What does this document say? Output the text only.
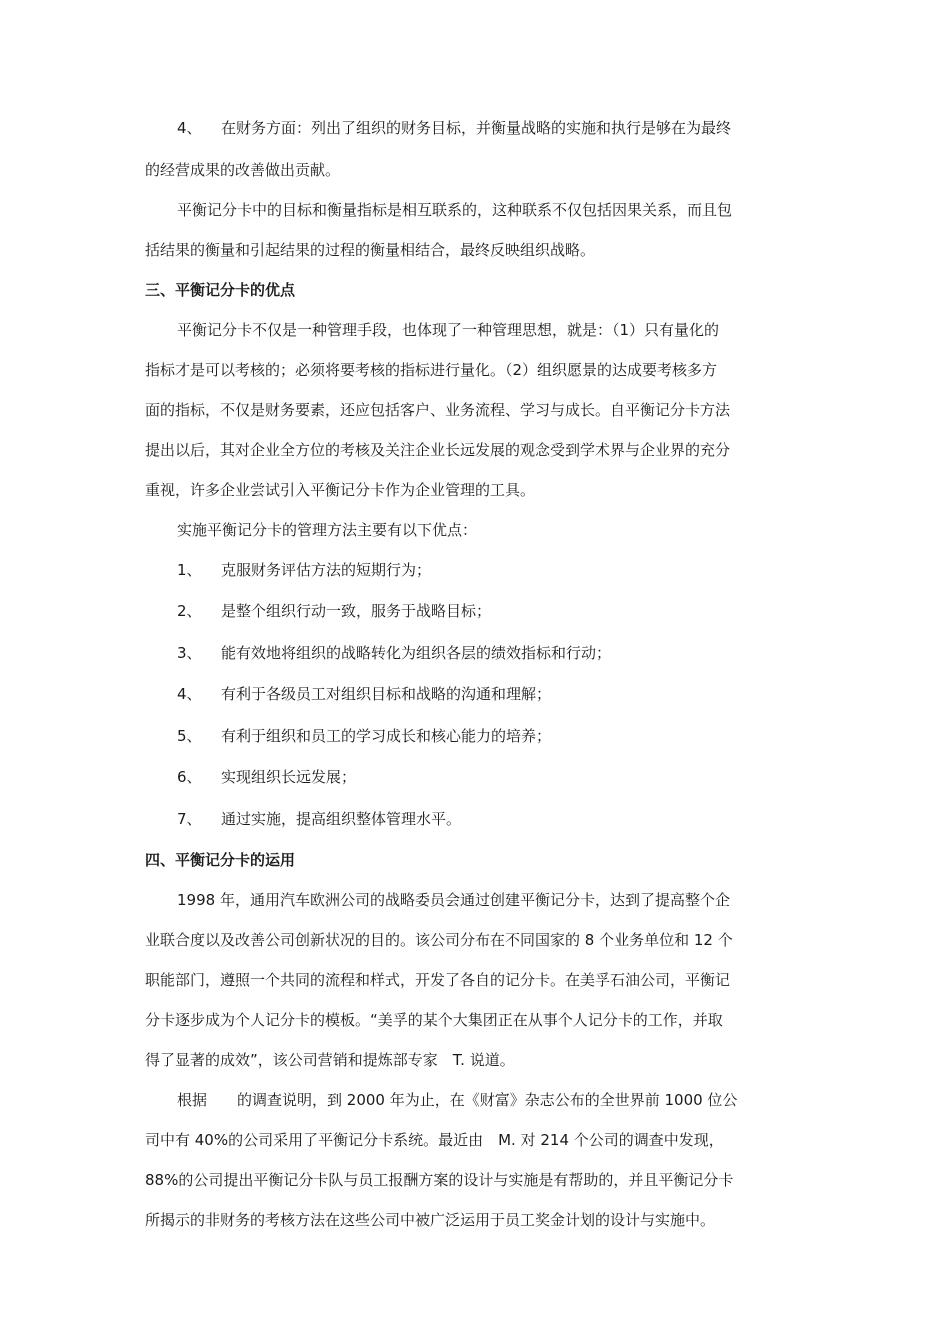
4、	在财务方面：列出了组织的财务目标，并衡量战略的实施和执行是够在为最终

的经营成果的改善做出贡献。

平衡记分卡中的目标和衡量指标是相互联系的，这种联系不仅包括因果关系，而且包

括结果的衡量和引起结果的过程的衡量相结合，最终反映组织战略。

三、平衡记分卡的优点

平衡记分卡不仅是一种管理手段，也体现了一种管理思想，就是：（1）只有量化的

指标才是可以考核的；必须将要考核的指标进行量化。（2）组织愿景的达成要考核多方

面的指标，不仅是财务要素，还应包括客户、业务流程、学习与成长。自平衡记分卡方法

提出以后，其对企业全方位的考核及关注企业长远发展的观念受到学术界与企业界的充分

重视，许多企业尝试引入平衡记分卡作为企业管理的工具。

实施平衡记分卡的管理方法主要有以下优点：

1、	克服财务评估方法的短期行为；
2、	是整个组织行动一致，服务于战略目标；
3、	能有效地将组织的战略转化为组织各层的绩效指标和行动；
4、	有利于各级员工对组织目标和战略的沟通和理解；
5、	有利于组织和员工的学习成长和核心能力的培养；
6、	实现组织长远发展；
7、	通过实施，提高组织整体管理水平。

四、平衡记分卡的运用

1998 年，通用汽车欧洲公司的战略委员会通过创建平衡记分卡，达到了提高整个企

业联合度以及改善公司创新状况的目的。该公司分布在不同国家的 8 个业务单位和 12 个

职能部门，遵照一个共同的流程和样式，开发了各自的记分卡。在美孚石油公司，平衡记

分卡逐步成为个人记分卡的模板。“美孚的某个大集团正在从事个人记分卡的工作，并取

得了显著的成效”，该公司营销和提炼部专家　T. 说道。

根据　　的调查说明，到 2000 年为止，在《财富》杂志公布的全世界前 1000 位公

司中有 40%的公司采用了平衡记分卡系统。最近由　M. 对 214 个公司的调查中发现，

88%的公司提出平衡记分卡队与员工报酬方案的设计与实施是有帮助的，并且平衡记分卡

所揭示的非财务的考核方法在这些公司中被广泛运用于员工奖金计划的设计与实施中。
